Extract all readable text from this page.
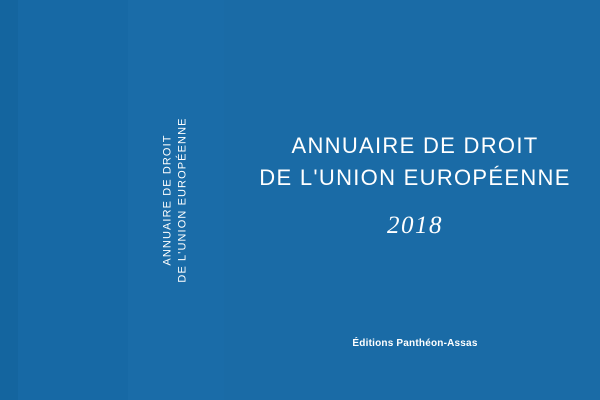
ANNUAIRE DE DROIT DE L'UNION EUROPÉENNE	ANNUAIRE DE DROIT
DE L'UNION EUROPÉENNE
2018
Éditions Panthéon-Assas
